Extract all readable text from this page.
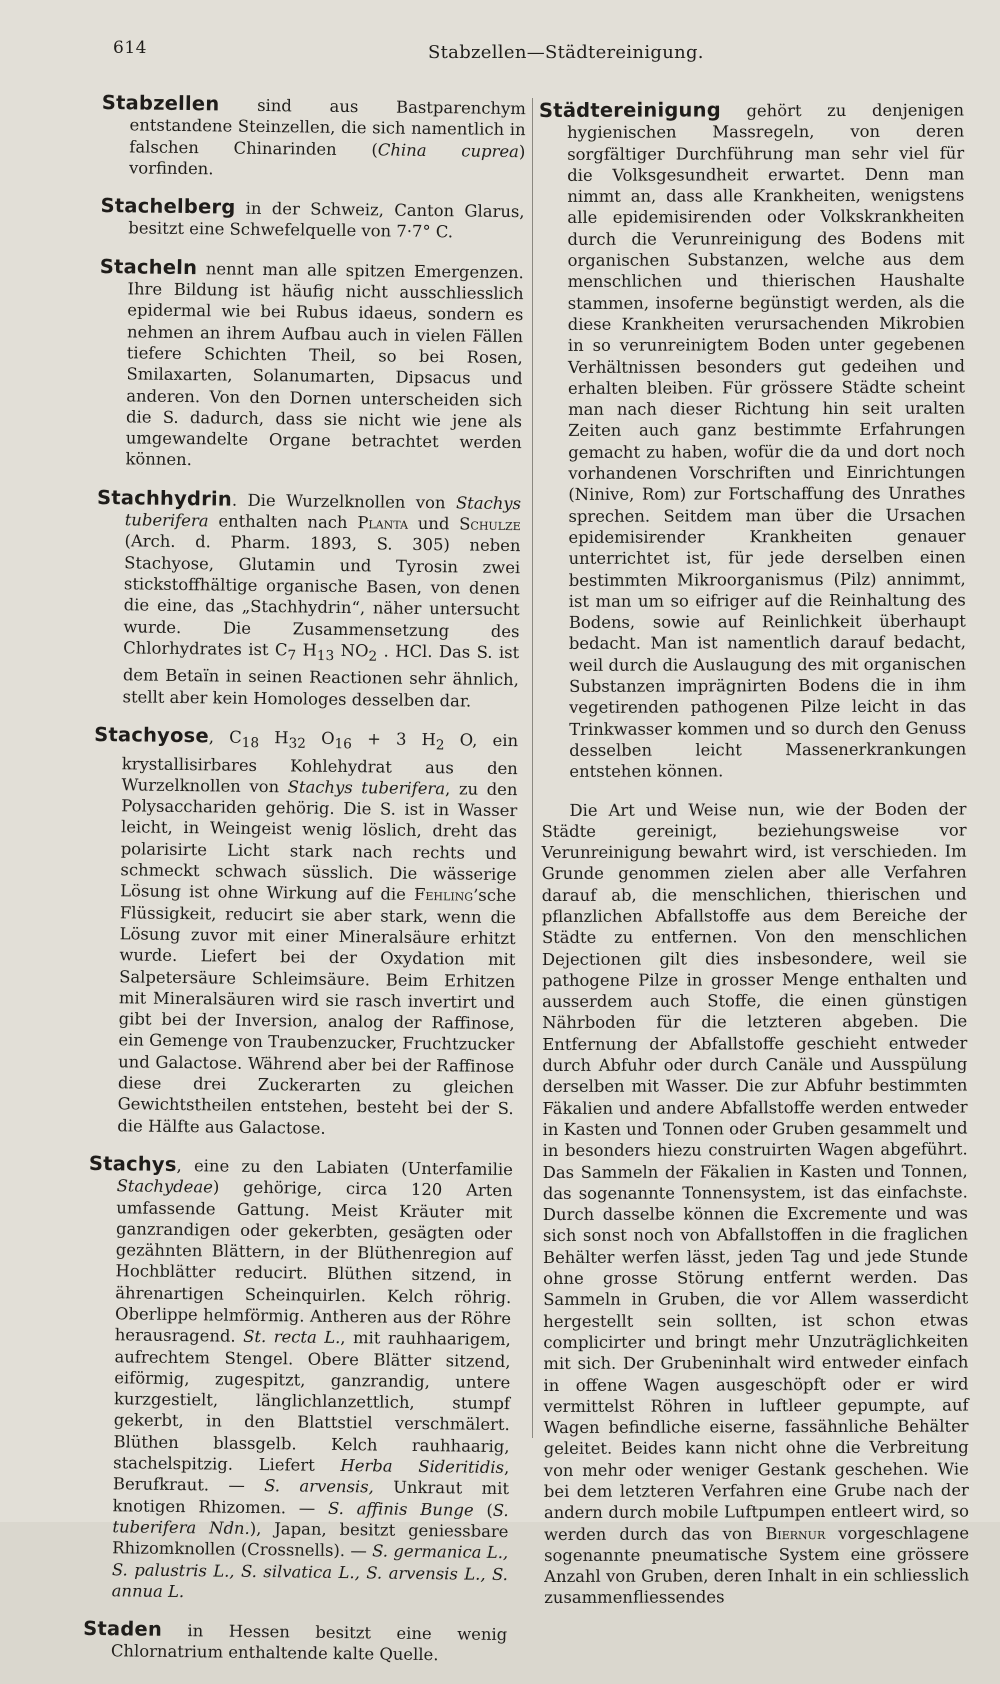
614	Stabzellen—Städtereinigung.

Stabzellen sind aus Bastparenchym entstandene Steinzellen, die sich namentlich in falschen Chinarinden (China cuprea) vorfinden.

Stachelberg in der Schweiz, Canton Glarus, besitzt eine Schwefelquelle von 7·7° C.

Stacheln nennt man alle spitzen Emergenzen. Ihre Bildung ist häufig nicht ausschliesslich epidermal wie bei Rubus idaeus, sondern es nehmen an ihrem Aufbau auch in vielen Fällen tiefere Schichten Theil, so bei Rosen, Smilaxarten, Solanumarten, Dipsacus und anderen. Von den Dornen unterscheiden sich die S. dadurch, dass sie nicht wie jene als umgewandelte Organe betrachtet werden können.

Stachhydrin. Die Wurzelknollen von Stachys tuberifera enthalten nach Planta und Schulze (Arch. d. Pharm. 1893, S. 305) neben Stachyose, Glutamin und Tyrosin zwei stickstoffhältige organische Basen, von denen die eine, das „Stachhydrin“, näher untersucht wurde. Die Zusammensetzung des Chlorhydrates ist $C_7$ $H_{13}$ $NO_2$ . HCl. Das S. ist dem Betaïn in seinen Reactionen sehr ähnlich, stellt aber kein Homologes desselben dar.

Stachyose, $C_{18}$ $H_{32}$ $O_{16} + 3$ $H_2$ O, ein krystallisirbares Kohlehydrat aus den Wurzelknollen von Stachys tuberifera, zu den Polysacchariden gehörig. Die S. ist in Wasser leicht, in Weingeist wenig löslich, dreht das polarisirte Licht stark nach rechts und schmeckt schwach süsslich. Die wässerige Lösung ist ohne Wirkung auf die Fehling’sche Flüssigkeit, reducirt sie aber stark, wenn die Lösung zuvor mit einer Mineralsäure erhitzt wurde. Liefert bei der Oxydation mit Salpetersäure Schleimsäure. Beim Erhitzen mit Mineralsäuren wird sie rasch invertirt und gibt bei der Inversion, analog der Raffinose, ein Gemenge von Traubenzucker, Fruchtzucker und Galactose. Während aber bei der Raffinose diese drei Zuckerarten zu gleichen Gewichtstheilen entstehen, besteht bei der S. die Hälfte aus Galactose.

Stachys, eine zu den Labiaten (Unterfamilie Stachydeae) gehörige, circa 120 Arten umfassende Gattung. Meist Kräuter mit ganzrandigen oder gekerbten, gesägten oder gezähnten Blättern, in der Blüthenregion auf Hochblätter reducirt. Blüthen sitzend, in ährenartigen Scheinquirlen. Kelch röhrig. Oberlippe helmförmig. Antheren aus der Röhre herausragend. St. recta L., mit rauhhaarigem, aufrechtem Stengel. Obere Blätter sitzend, eiförmig, zugespitzt, ganzrandig, untere kurzgestielt, länglichlanzettlich, stumpf gekerbt, in den Blattstiel verschmälert. Blüthen blassgelb. Kelch rauhhaarig, stachelspitzig. Liefert Herba Sideritidis, Berufkraut. — S. arvensis, Unkraut mit knotigen Rhizomen. — S. affinis Bunge (S. tuberifera Ndn.), Japan, besitzt geniessbare Rhizomknollen (Crossnells). — S. germanica L., S. palustris L., S. silvatica L., S. arvensis L., S. annua L.

Staden in Hessen besitzt eine wenig Chlornatrium enthaltende kalte Quelle.

Städtereinigung gehört zu denjenigen hygienischen Massregeln, von deren sorgfältiger Durchführung man sehr viel für die Volksgesundheit erwartet. Denn man nimmt an, dass alle Krankheiten, wenigstens alle epidemisirenden oder Volkskrankheiten durch die Verunreinigung des Bodens mit organischen Substanzen, welche aus dem menschlichen und thierischen Haushalte stammen, insoferne begünstigt werden, als die diese Krankheiten verursachenden Mikrobien in so verunreinigtem Boden unter gegebenen Verhältnissen besonders gut gedeihen und erhalten bleiben. Für grössere Städte scheint man nach dieser Richtung hin seit uralten Zeiten auch ganz bestimmte Erfahrungen gemacht zu haben, wofür die da und dort noch vorhandenen Vorschriften und Einrichtungen (Ninive, Rom) zur Fortschaffung des Unrathes sprechen. Seitdem man über die Ursachen epidemisirender Krankheiten genauer unterrichtet ist, für jede derselben einen bestimmten Mikroorganismus (Pilz) annimmt, ist man um so eifriger auf die Reinhaltung des Bodens, sowie auf Reinlichkeit überhaupt bedacht. Man ist namentlich darauf bedacht, weil durch die Auslaugung des mit organischen Substanzen imprägnirten Bodens die in ihm vegetirenden pathogenen Pilze leicht in das Trinkwasser kommen und so durch den Genuss desselben leicht Massenerkrankungen entstehen können.

Die Art und Weise nun, wie der Boden der Städte gereinigt, beziehungsweise vor Verunreinigung bewahrt wird, ist verschieden. Im Grunde genommen zielen aber alle Verfahren darauf ab, die menschlichen, thierischen und pflanzlichen Abfallstoffe aus dem Bereiche der Städte zu entfernen. Von den menschlichen Dejectionen gilt dies insbesondere, weil sie pathogene Pilze in grosser Menge enthalten und ausserdem auch Stoffe, die einen günstigen Nährboden für die letzteren abgeben. Die Entfernung der Abfallstoffe geschieht entweder durch Abfuhr oder durch Canäle und Ausspülung derselben mit Wasser. Die zur Abfuhr bestimmten Fäkalien und andere Abfallstoffe werden entweder in Kasten und Tonnen oder Gruben gesammelt und in besonders hiezu construirten Wagen abgeführt. Das Sammeln der Fäkalien in Kasten und Tonnen, das sogenannte Tonnensystem, ist das einfachste. Durch dasselbe können die Excremente und was sich sonst noch von Abfallstoffen in die fraglichen Behälter werfen lässt, jeden Tag und jede Stunde ohne grosse Störung entfernt werden. Das Sammeln in Gruben, die vor Allem wasserdicht hergestellt sein sollten, ist schon etwas complicirter und bringt mehr Unzuträglichkeiten mit sich. Der Grubeninhalt wird entweder einfach in offene Wagen ausgeschöpft oder er wird vermittelst Röhren in luftleer gepumpte, auf Wagen befindliche eiserne, fassähnliche Behälter geleitet. Beides kann nicht ohne die Verbreitung von mehr oder weniger Gestank geschehen. Wie bei dem letzteren Verfahren eine Grube nach der andern durch mobile Luftpumpen entleert wird, so werden durch das von Biernur vorgeschlagene sogenannte pneumatische System eine grössere Anzahl von Gruben, deren Inhalt in ein schliesslich zusammenfliessendes
